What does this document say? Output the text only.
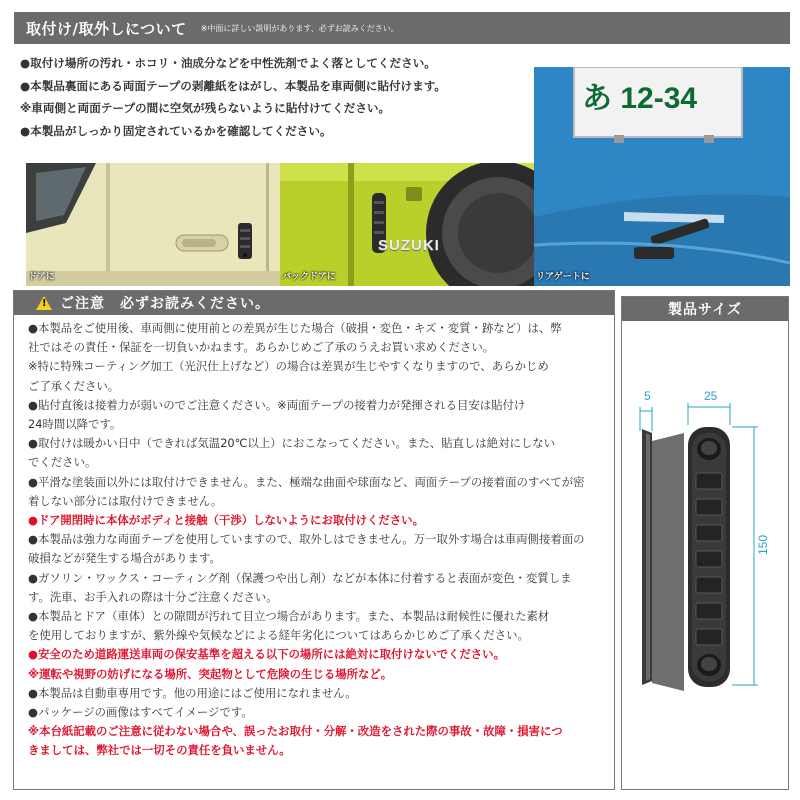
取付け/取外しについて ※中面に詳しい説明があります、必ずお読みください。
●取付け場所の汚れ・ホコリ・油成分などを中性洗剤でよく落としてください。
●本製品裏面にある両面テープの剥離紙をはがし、本製品を車両側に貼付けます。
※車両側と両面テープの間に空気が残らないように貼付けてください。
●本製品がしっかり固定されているかを確認してください。
ドアに
SUZUKI
バックドアに
あ 12-34
リアゲートに
! ご注意　必ずお読みください。
●本製品をご使用後、車両側に使用前との差異が生じた場合（破損・変色・キズ・変質・跡など）は、弊
社ではその責任・保証を一切負いかねます。あらかじめご了承のうえお買い求めください。
※特に特殊コーティング加工（光沢仕上げなど）の場合は差異が生じやすくなりますので、あらかじめ
ご了承ください。
●貼付直後は接着力が弱いのでご注意ください。※両面テープの接着力が発揮される目安は貼付け
24時間以降です。
●取付けは暖かい日中（できれば気温20℃以上）におこなってください。また、貼直しは絶対にしない
でください。
●平滑な塗装面以外には取付けできません。また、極端な曲面や球面など、両面テープの接着面のすべてが密
着しない部分には取付けできません。
●ドア開閉時に本体がボディと接触（干渉）しないようにお取付けください。
●本製品は強力な両面テープを使用していますので、取外しはできません。万一取外す場合は車両側接着面の
破損などが発生する場合があります。
●ガソリン・ワックス・コーティング剤（保護つや出し剤）などが本体に付着すると表面が変色・変質しま
す。洗車、お手入れの際は十分ご注意ください。
●本製品とドア（車体）との隙間が汚れて目立つ場合があります。また、本製品は耐候性に優れた素材
を使用しておりますが、紫外線や気候などによる経年劣化についてはあらかじめご了承ください。
●安全のため道路運送車両の保安基準を超える以下の場所には絶対に取付けないでください。
※運転や視野の妨げになる場所、突起物として危険の生じる場所など。
●本製品は自動車専用です。他の用途にはご使用になれません。
●パッケージの画像はすべてイメージです。
※本台紙記載のご注意に従わない場合や、誤ったお取付・分解・改造をされた際の事故・故障・損害につ
きましては、弊社では一切その責任を負いません。
製品サイズ
5	25
150
